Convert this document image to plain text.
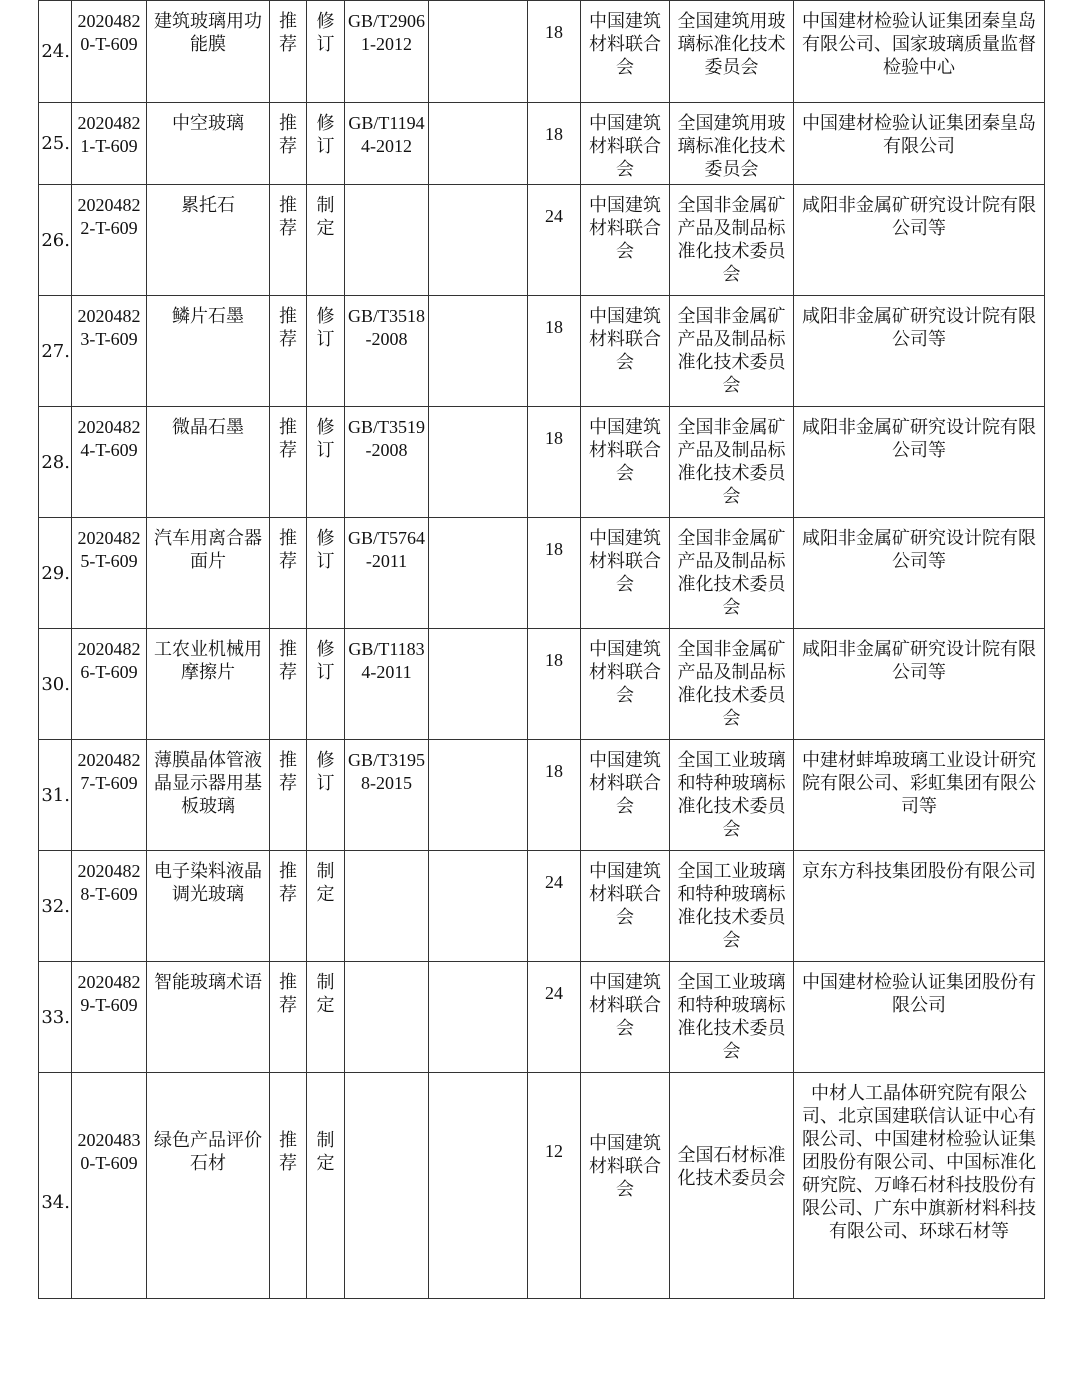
24.	20204820-T-609	建筑玻璃用功能膜	推荐	修订	GB/T29061-2012		18	中国建筑材料联合会	全国建筑用玻璃标准化技术委员会	中国建材检验认证集团秦皇岛有限公司、国家玻璃质量监督检验中心
25.	20204821-T-609	中空玻璃	推荐	修订	GB/T11944-2012		18	中国建筑材料联合会	全国建筑用玻璃标准化技术委员会	中国建材检验认证集团秦皇岛有限公司
26.	20204822-T-609	累托石	推荐	制定			24	中国建筑材料联合会	全国非金属矿产品及制品标准化技术委员会	咸阳非金属矿研究设计院有限公司等
27.	20204823-T-609	鳞片石墨	推荐	修订	GB/T3518-2008		18	中国建筑材料联合会	全国非金属矿产品及制品标准化技术委员会	咸阳非金属矿研究设计院有限公司等
28.	20204824-T-609	微晶石墨	推荐	修订	GB/T3519-2008		18	中国建筑材料联合会	全国非金属矿产品及制品标准化技术委员会	咸阳非金属矿研究设计院有限公司等
29.	20204825-T-609	汽车用离合器面片	推荐	修订	GB/T5764-2011		18	中国建筑材料联合会	全国非金属矿产品及制品标准化技术委员会	咸阳非金属矿研究设计院有限公司等
30.	20204826-T-609	工农业机械用摩擦片	推荐	修订	GB/T11834-2011		18	中国建筑材料联合会	全国非金属矿产品及制品标准化技术委员会	咸阳非金属矿研究设计院有限公司等
31.	20204827-T-609	薄膜晶体管液晶显示器用基板玻璃	推荐	修订	GB/T31958-2015		18	中国建筑材料联合会	全国工业玻璃和特种玻璃标准化技术委员会	中建材蚌埠玻璃工业设计研究院有限公司、彩虹集团有限公司等
32.	20204828-T-609	电子染料液晶调光玻璃	推荐	制定			24	中国建筑材料联合会	全国工业玻璃和特种玻璃标准化技术委员会	京东方科技集团股份有限公司
33.	20204829-T-609	智能玻璃术语	推荐	制定			24	中国建筑材料联合会	全国工业玻璃和特种玻璃标准化技术委员会	中国建材检验认证集团股份有限公司
34.	20204830-T-609	绿色产品评价石材	推荐	制定			12	中国建筑材料联合会	全国石材标准化技术委员会	中材人工晶体研究院有限公司、北京国建联信认证中心有限公司、中国建材检验认证集团股份有限公司、中国标准化研究院、万峰石材科技股份有限公司、广东中旗新材料科技有限公司、环球石材等
